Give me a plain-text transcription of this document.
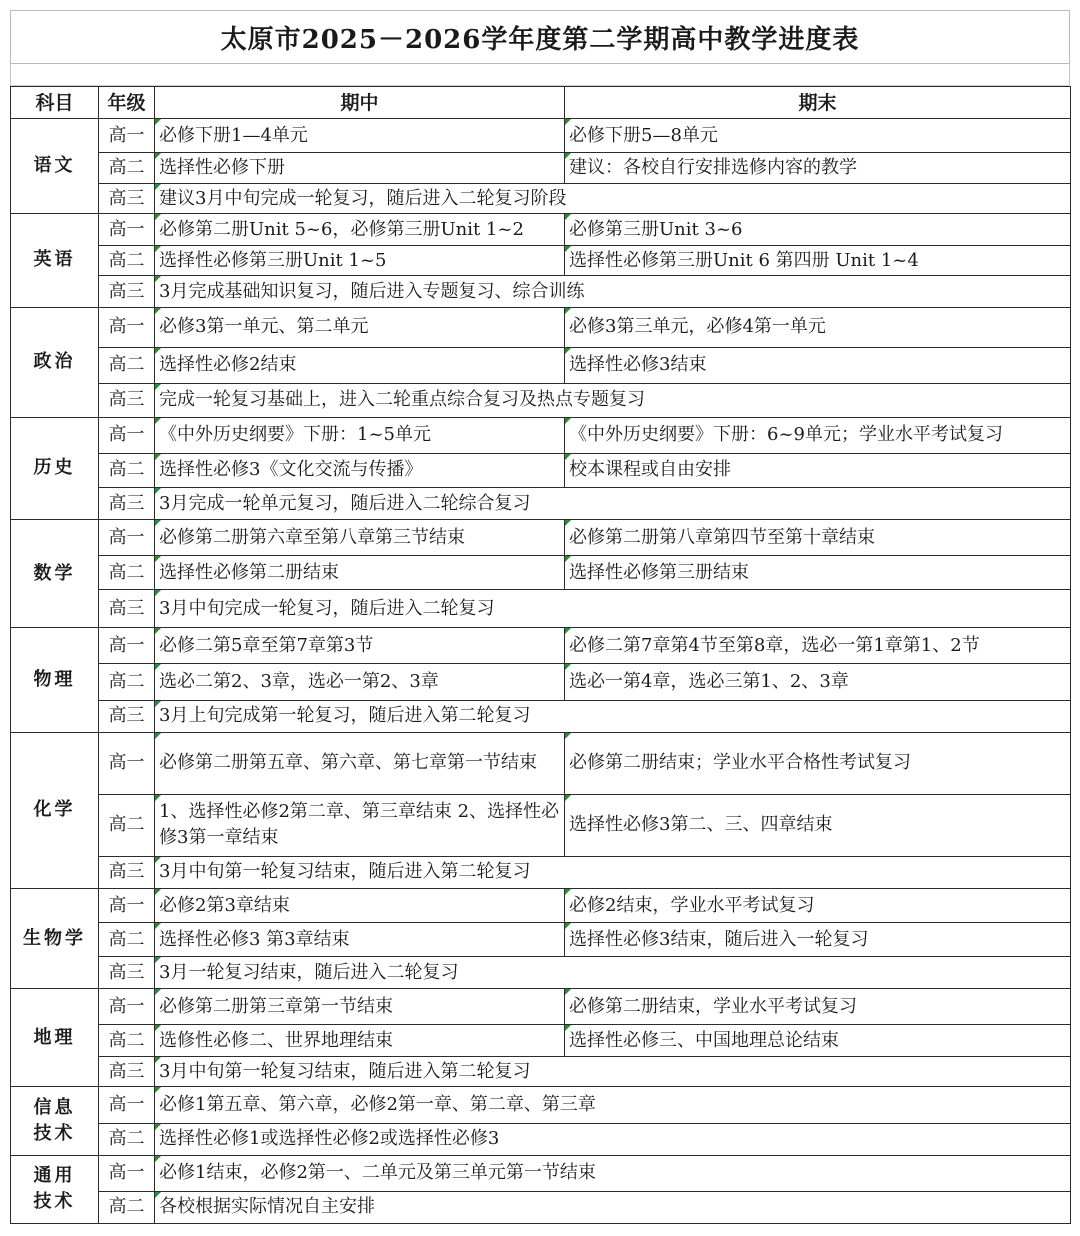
太原市2025－2026学年度第二学期高中教学进度表
科目	年级	期中	期末
语文	高一	必修下册1—4单元	必修下册5—8单元
	高二	选择性必修下册	建议：各校自行安排选修内容的教学
	高三	建议3月中旬完成一轮复习，随后进入二轮复习阶段	
英语	高一	必修第二册Unit 5~6，必修第三册Unit 1~2	必修第三册Unit 3~6
	高二	选择性必修第三册Unit 1~5	选择性必修第三册Unit 6 第四册 Unit 1~4
	高三	3月完成基础知识复习，随后进入专题复习、综合训练	
政治	高一	必修3第一单元、第二单元	必修3第三单元，必修4第一单元
	高二	选择性必修2结束	选择性必修3结束
	高三	完成一轮复习基础上，进入二轮重点综合复习及热点专题复习	
历史	高一	《中外历史纲要》下册：1~5单元	《中外历史纲要》下册：6~9单元；学业水平考试复习
	高二	选择性必修3《文化交流与传播》	校本课程或自由安排
	高三	3月完成一轮单元复习，随后进入二轮综合复习	
数学	高一	必修第二册第六章至第八章第三节结束	必修第二册第八章第四节至第十章结束
	高二	选择性必修第二册结束	选择性必修第三册结束
	高三	3月中旬完成一轮复习，随后进入二轮复习	
物理	高一	必修二第5章至第7章第3节	必修二第7章第4节至第8章，选必一第1章第1、2节
	高二	选必二第2、3章，选必一第2、3章	选必一第4章，选必三第1、2、3章
	高三	3月上旬完成第一轮复习，随后进入第二轮复习	
化学	高一	必修第二册第五章、第六章、第七章第一节结束	必修第二册结束；学业水平合格性考试复习
	高二	1、选择性必修2第二章、第三章结束 2、选择性必修3第一章结束	选择性必修3第二、三、四章结束
	高三	3月中旬第一轮复习结束，随后进入第二轮复习	
生物学	高一	必修2第3章结束	必修2结束，学业水平考试复习
	高二	选择性必修3 第3章结束	选择性必修3结束，随后进入一轮复习
	高三	3月一轮复习结束，随后进入二轮复习	
地理	高一	必修第二册第三章第一节结束	必修第二册结束，学业水平考试复习
	高二	选修性必修二、世界地理结束	选择性必修三、中国地理总论结束
	高三	3月中旬第一轮复习结束，随后进入第二轮复习	
信息技术	高一	必修1第五章、第六章，必修2第一章、第二章、第三章	
	高二	选择性必修1或选择性必修2或选择性必修3	
通用技术	高一	必修1结束，必修2第一、二单元及第三单元第一节结束	
	高二	各校根据实际情况自主安排	
